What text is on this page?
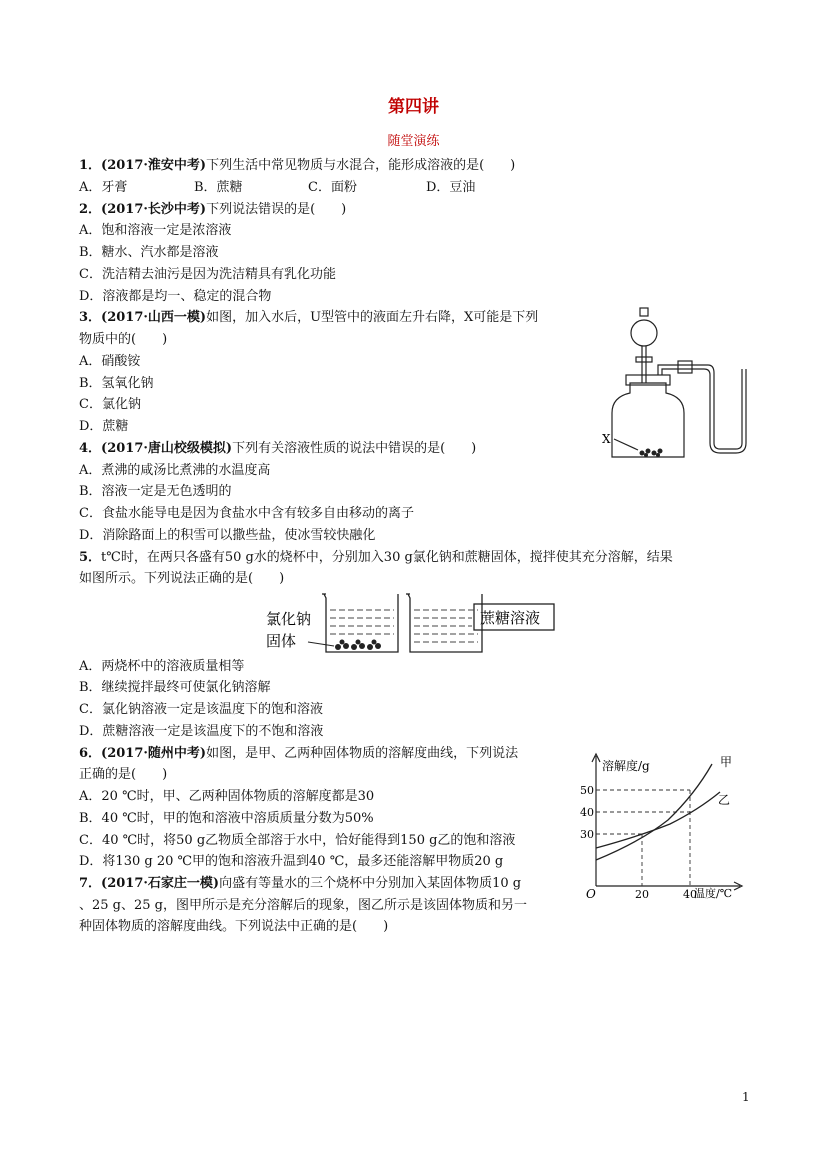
第四讲
随堂演练
1．(2017·淮安中考)下列生活中常见物质与水混合，能形成溶液的是(　　)
A．牙膏	B．蔗糖	C．面粉	D．豆油
2．(2017·长沙中考)下列说法错误的是(　　)
A．饱和溶液一定是浓溶液
B．糖水、汽水都是溶液
C．洗洁精去油污是因为洗洁精具有乳化功能
D．溶液都是均一、稳定的混合物
3．(2017·山西一模)如图，加入水后，U型管中的液面左升右降，X可能是下列
物质中的(　　)
A．硝酸铵
B．氢氧化钠
C．氯化钠
D．蔗糖
X
4．(2017·唐山校级模拟)下列有关溶液性质的说法中错误的是(　　)
A．煮沸的咸汤比煮沸的水温度高
B．溶液一定是无色透明的
C．食盐水能导电是因为食盐水中含有较多自由移动的离子
D．消除路面上的积雪可以撒些盐，使冰雪较快融化
5．t℃时，在两只各盛有50 g水的烧杯中，分别加入30 g氯化钠和蔗糖固体，搅拌使其充分溶解，结果
如图所示。下列说法正确的是(　　)
氯化钠
固体
蔗糖溶液
A．两烧杯中的溶液质量相等
B．继续搅拌最终可使氯化钠溶解
C．氯化钠溶液一定是该温度下的饱和溶液
D．蔗糖溶液一定是该温度下的不饱和溶液
6．(2017·随州中考)如图，是甲、乙两种固体物质的溶解度曲线，下列说法
正确的是(　　)
A．20 ℃时，甲、乙两种固体物质的溶解度都是30
B．40 ℃时，甲的饱和溶液中溶质质量分数为50%
C．40 ℃时，将50 g乙物质全部溶于水中，恰好能得到150 g乙的饱和溶液
D．将130 g 20 ℃甲的饱和溶液升温到40 ℃，最多还能溶解甲物质20 g
溶解度/g
温度/℃
O
甲
乙
50
40
30
20	40
7．(2017·石家庄一模)向盛有等量水的三个烧杯中分别加入某固体物质10 g
、25 g、25 g，图甲所示是充分溶解后的现象，图乙所示是该固体物质和另一
种固体物质的溶解度曲线。下列说法中正确的是(　　)
1
